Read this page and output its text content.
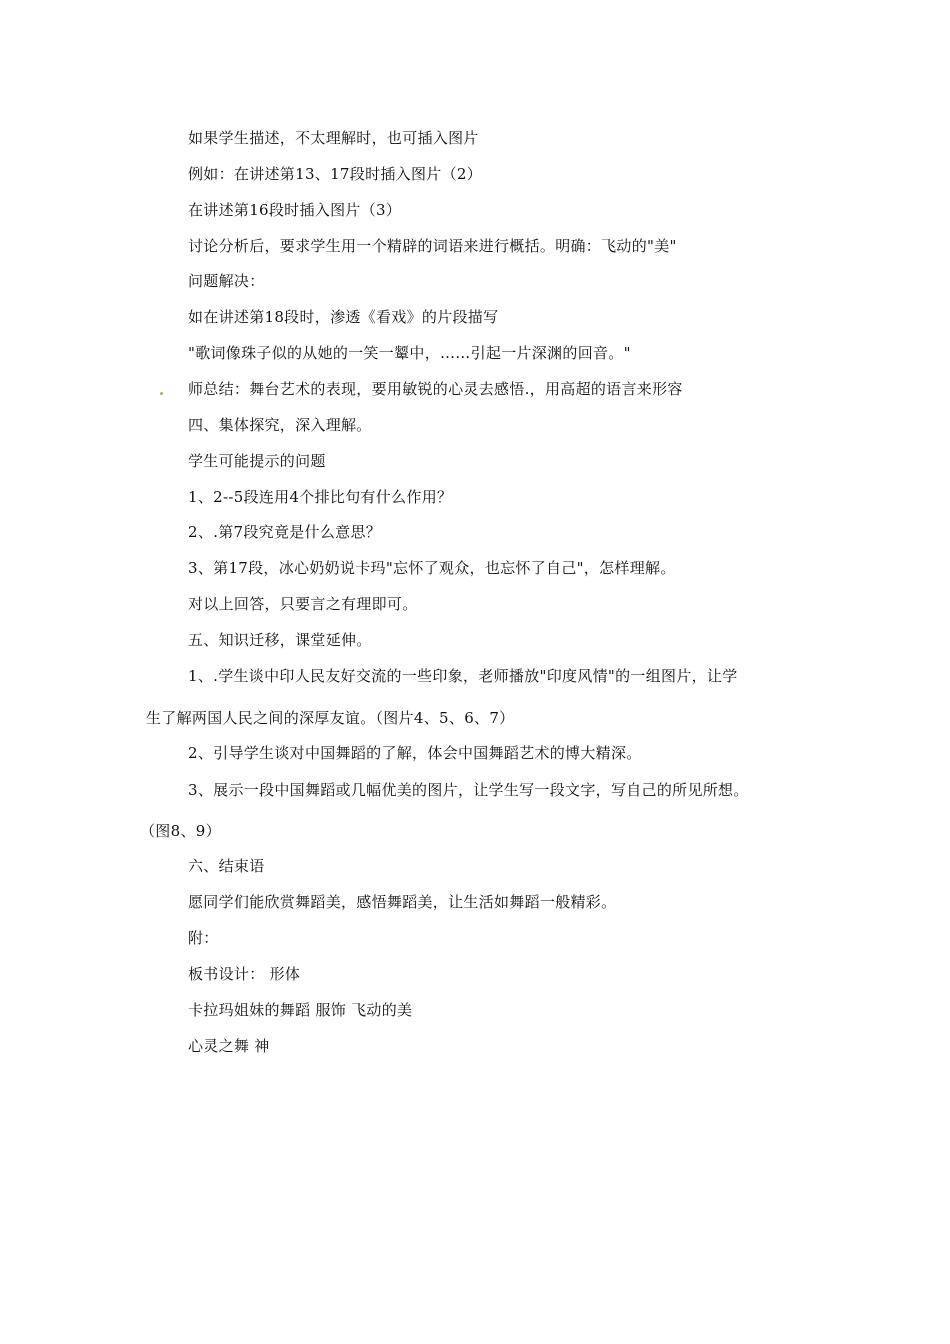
如果学生描述，不太理解时，也可插入图片
例如：在讲述第13、17段时插入图片（2）
在讲述第16段时插入图片（3）
讨论分析后，要求学生用一个精辟的词语来进行概括。明确：飞动的"美"
问题解决：
如在讲述第18段时，渗透《看戏》的片段描写
"歌词像珠子似的从她的一笑一颦中，……引起一片深渊的回音。"
师总结：舞台艺术的表现，要用敏锐的心灵去感悟.，用高超的语言来形容
四、集体探究，深入理解。
学生可能提示的问题
1、2--5段连用4个排比句有什么作用？
2、.第7段究竟是什么意思？
3、第17段，冰心奶奶说卡玛"忘怀了观众，也忘怀了自己"，怎样理解。
对以上回答，只要言之有理即可。
五、知识迁移，课堂延伸。
1、.学生谈中印人民友好交流的一些印象，老师播放"印度风情"的一组图片，让学
生了解两国人民之间的深厚友谊。（图片4、5、6、7）
2、引导学生谈对中国舞蹈的了解，体会中国舞蹈艺术的博大精深。
3、展示一段中国舞蹈或几幅优美的图片，让学生写一段文字，写自己的所见所想。
（图8、9）
六、结束语
愿同学们能欣赏舞蹈美，感悟舞蹈美，让生活如舞蹈一般精彩。
附：
板书设计： 形体
卡拉玛姐妹的舞蹈 服饰 飞动的美
心灵之舞 神
